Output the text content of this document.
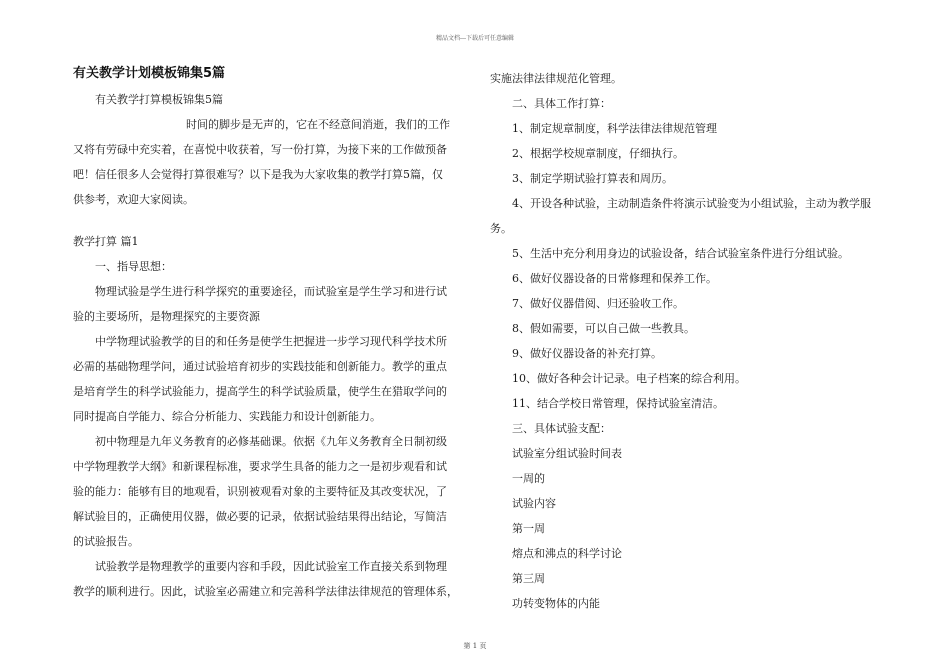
精品文档---下载后可任意编辑
有关教学计划模板锦集5篇

有关教学打算模板锦集5篇

时间的脚步是无声的，它在不经意间消逝，我们的工作

又将有劳碌中充实着，在喜悦中收获着，写一份打算，为接下来的工作做预备

吧！信任很多人会觉得打算很难写？以下是我为大家收集的教学打算5篇，仅

供参考，欢迎大家阅读。

教学打算 篇1

一、指导思想：

物理试验是学生进行科学探究的重要途径，而试验室是学生学习和进行试

验的主要场所，是物理探究的主要资源

中学物理试验教学的目的和任务是使学生把握进一步学习现代科学技术所

必需的基础物理学问，通过试验培育初步的实践技能和创新能力。教学的重点

是培育学生的科学试验能力，提高学生的科学试验质量，使学生在猎取学问的

同时提高自学能力、综合分析能力、实践能力和设计创新能力。

初中物理是九年义务教育的必修基础课。依据《九年义务教育全日制初级

中学物理教学大纲》和新课程标准，要求学生具备的能力之一是初步观看和试

验的能力：能够有目的地观看，识别被观看对象的主要特征及其改变状况，了

解试验目的，正确使用仪器，做必要的记录，依据试验结果得出结论，写简洁

的试验报告。

试验教学是物理教学的重要内容和手段，因此试验室工作直接关系到物理

教学的顺利进行。因此，试验室必需建立和完善科学法律法律规范的管理体系，

实施法律法律规范化管理。

二、具体工作打算：

1、制定规章制度，科学法律法律规范管理

2、根据学校规章制度，仔细执行。

3、制定学期试验打算表和周历。

4、开设各种试验，主动制造条件将演示试验变为小组试验，主动为教学服

务。

5、生活中充分利用身边的试验设备，结合试验室条件进行分组试验。

6、做好仪器设备的日常修理和保养工作。

7、做好仪器借阅、归还验收工作。

8、假如需要，可以自己做一些教具。

9、做好仪器设备的补充打算。

10、做好各种会计记录。电子档案的综合利用。

11、结合学校日常管理，保持试验室清洁。

三、具体试验支配：

试验室分组试验时间表

一周的

试验内容

第一周

熔点和沸点的科学讨论

第三周

功转变物体的内能

第 1 页
